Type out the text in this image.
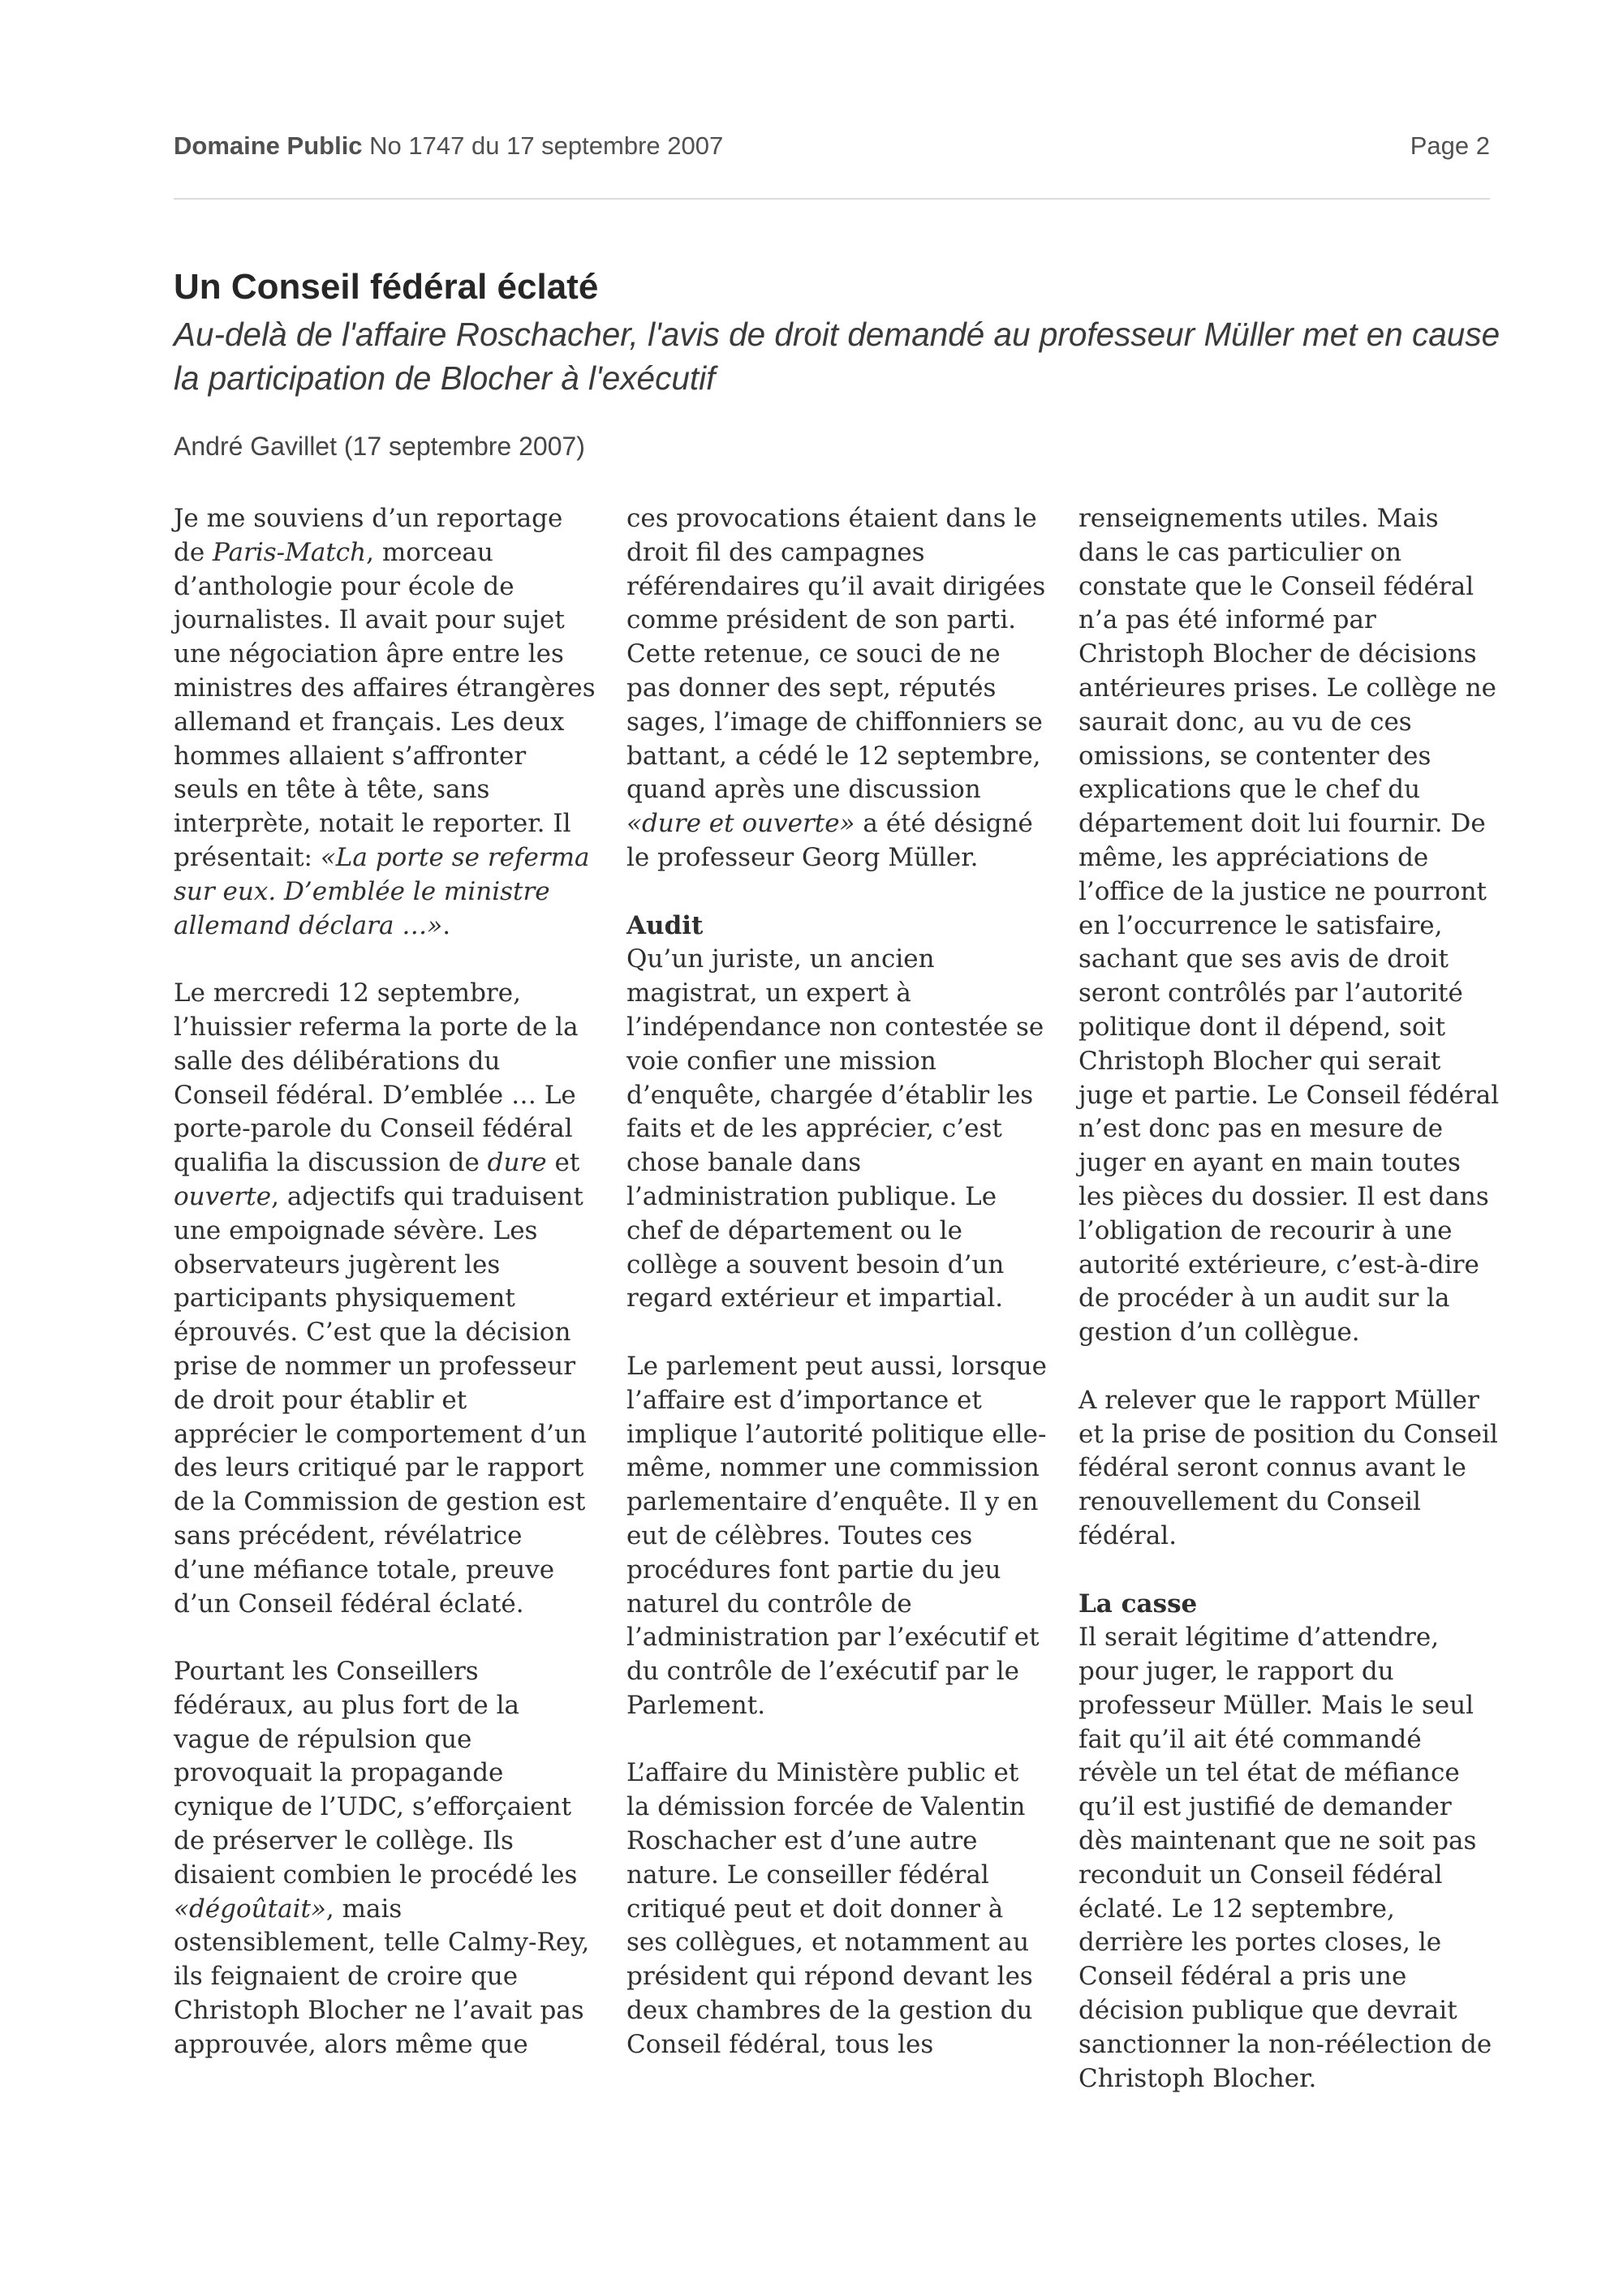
Domaine Public No 1747 du 17 septembre 2007	Page 2
Un Conseil fédéral éclaté

Au-delà de l'affaire Roschacher, l'avis de droit demandé au professeur Müller met en cause la participation de Blocher à l'exécutif

André Gavillet (17 septembre 2007)

Je me souviens d’un reportage de Paris-Match, morceau d’anthologie pour école de journalistes. Il avait pour sujet une négociation âpre entre les ministres des affaires étrangères allemand et français. Les deux hommes allaient s’affronter seuls en tête à tête, sans interprète, notait le reporter. Il présentait: «La porte se referma sur eux. D’emblée le ministre allemand déclara …».

Le mercredi 12 septembre, l’huissier referma la porte de la salle des délibérations du Conseil fédéral. D’emblée … Le porte-parole du Conseil fédéral qualifia la discussion de dure et ouverte, adjectifs qui traduisent une empoignade sévère. Les observateurs jugèrent les participants physiquement éprouvés. C’est que la décision prise de nommer un professeur de droit pour établir et apprécier le comportement d’un des leurs critiqué par le rapport de la Commission de gestion est sans précédent, révélatrice d’une méfiance totale, preuve d’un Conseil fédéral éclaté.

Pourtant les Conseillers fédéraux, au plus fort de la vague de répulsion que provoquait la propagande cynique de l’UDC, s’efforçaient de préserver le collège. Ils disaient combien le procédé les «dégoûtait», mais ostensiblement, telle Calmy-Rey, ils feignaient de croire que Christoph Blocher ne l’avait pas approuvée, alors même que

ces provocations étaient dans le droit fil des campagnes référendaires qu’il avait dirigées comme président de son parti. Cette retenue, ce souci de ne pas donner des sept, réputés sages, l’image de chiffonniers se battant, a cédé le 12 septembre, quand après une discussion «dure et ouverte» a été désigné le professeur Georg Müller.

Audit
Qu’un juriste, un ancien magistrat, un expert à l’indépendance non contestée se voie confier une mission d’enquête, chargée d’établir les faits et de les apprécier, c’est chose banale dans l’administration publique. Le chef de département ou le collège a souvent besoin d’un regard extérieur et impartial.

Le parlement peut aussi, lorsque l’affaire est d’importance et implique l’autorité politique elle-même, nommer une commission parlementaire d’enquête. Il y en eut de célèbres. Toutes ces procédures font partie du jeu naturel du contrôle de l’administration par l’exécutif et du contrôle de l’exécutif par le Parlement.

L’affaire du Ministère public et la démission forcée de Valentin Roschacher est d’une autre nature. Le conseiller fédéral critiqué peut et doit donner à ses collègues, et notamment au président qui répond devant les deux chambres de la gestion du Conseil fédéral, tous les

renseignements utiles. Mais dans le cas particulier on constate que le Conseil fédéral n’a pas été informé par Christoph Blocher de décisions antérieures prises. Le collège ne saurait donc, au vu de ces omissions, se contenter des explications que le chef du département doit lui fournir. De même, les appréciations de l’office de la justice ne pourront en l’occurrence le satisfaire, sachant que ses avis de droit seront contrôlés par l’autorité politique dont il dépend, soit Christoph Blocher qui serait juge et partie. Le Conseil fédéral n’est donc pas en mesure de juger en ayant en main toutes les pièces du dossier. Il est dans l’obligation de recourir à une autorité extérieure, c’est-à-dire de procéder à un audit sur la gestion d’un collègue.

A relever que le rapport Müller et la prise de position du Conseil fédéral seront connus avant le renouvellement du Conseil fédéral.

La casse
Il serait légitime d’attendre, pour juger, le rapport du professeur Müller. Mais le seul fait qu’il ait été commandé révèle un tel état de méfiance qu’il est justifié de demander dès maintenant que ne soit pas reconduit un Conseil fédéral éclaté. Le 12 septembre, derrière les portes closes, le Conseil fédéral a pris une décision publique que devrait sanctionner la non-réélection de Christoph Blocher.
